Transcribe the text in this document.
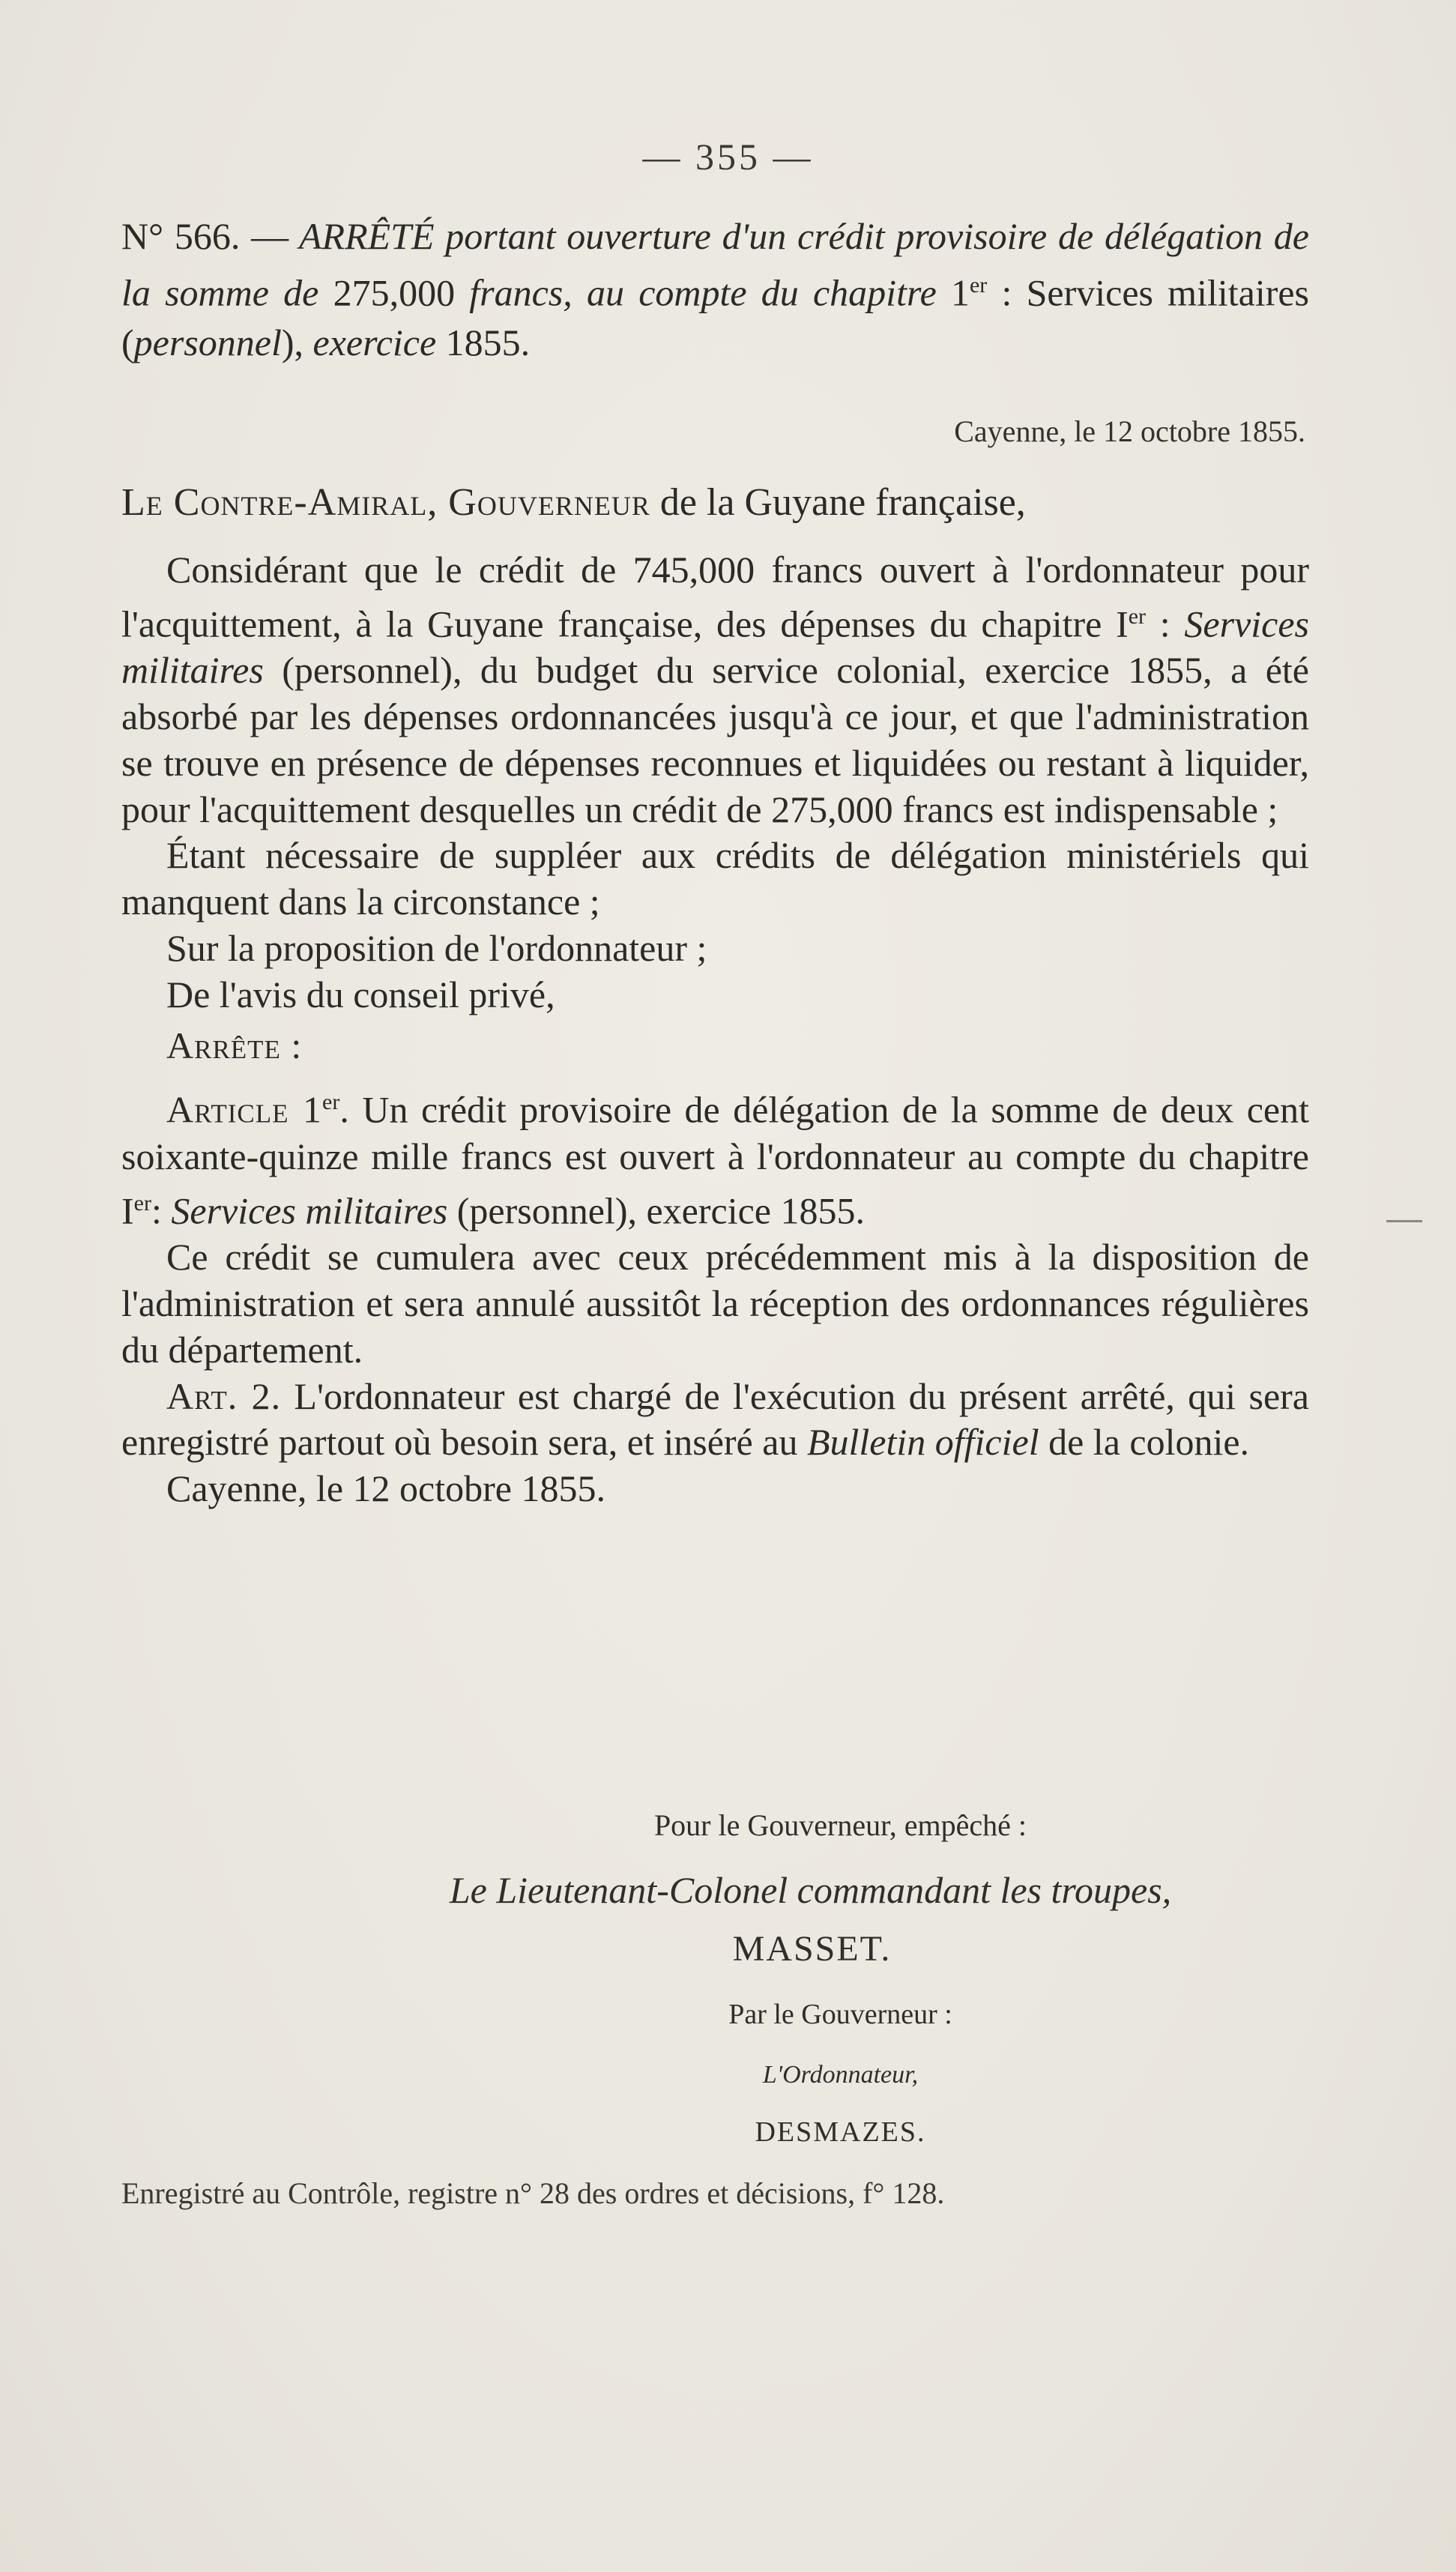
— 355 —

N° 566. — ARRÊTÉ portant ouverture d'un crédit provisoire de délégation de la somme de 275,000 francs, au compte du chapitre 1er : Services militaires (personnel), exercice 1855.

Cayenne, le 12 octobre 1855.
Le Contre-Amiral, Gouverneur de la Guyane française,

Considérant que le crédit de 745,000 francs ouvert à l'ordonnateur pour l'acquittement, à la Guyane française, des dépenses du chapitre Ier : Services militaires (personnel), du budget du service colonial, exercice 1855, a été absorbé par les dépenses ordonnancées jusqu'à ce jour, et que l'administration se trouve en présence de dépenses reconnues et liquidées ou restant à liquider, pour l'acquittement desquelles un crédit de 275,000 francs est indispensable ;

Étant nécessaire de suppléer aux crédits de délégation ministériels qui manquent dans la circonstance ;

Sur la proposition de l'ordonnateur ;

De l'avis du conseil privé,

Arrête :

Article 1er. Un crédit provisoire de délégation de la somme de deux cent soixante-quinze mille francs est ouvert à l'ordonnateur au compte du chapitre Ier: Services militaires (personnel), exercice 1855.

Ce crédit se cumulera avec ceux précédemment mis à la disposition de l'administration et sera annulé aussitôt la réception des ordonnances régulières du département.

Art. 2. L'ordonnateur est chargé de l'exécution du présent arrêté, qui sera enregistré partout où besoin sera, et inséré au Bulletin officiel de la colonie.

Cayenne, le 12 octobre 1855.

Pour le Gouverneur, empêché :
Le Lieutenant-Colonel commandant les troupes,
MASSET.
Par le Gouverneur :
L'Ordonnateur,
DESMAZES.
Enregistré au Contrôle, registre n° 28 des ordres et décisions, f° 128.
